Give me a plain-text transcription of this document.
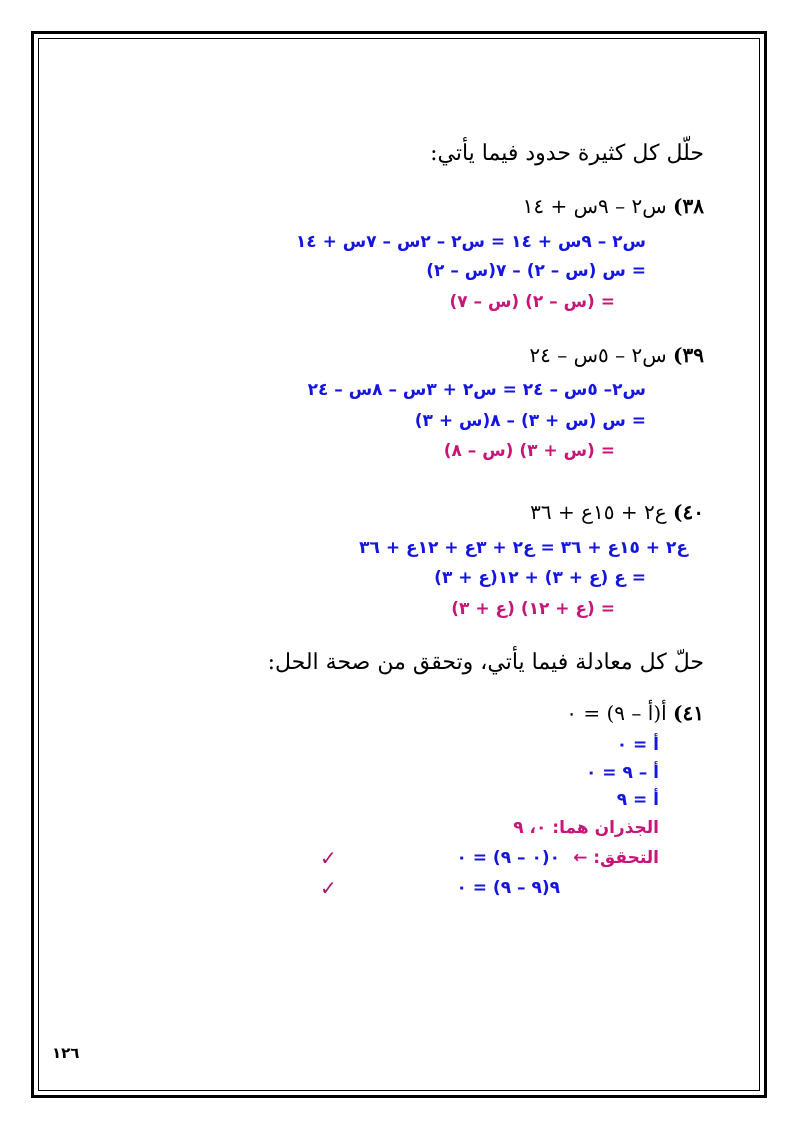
حلّل كل كثيرة حدود فيما يأتي:
٣٨) س٢ – ٩س + ١٤
س٢ – ٩س + ١٤ = س٢ – ٢س – ٧س + ١٤
= س (س – ٢) – ٧(س – ٢)
= (س – ٢) (س – ٧)
٣٩) س٢ – ٥س – ٢٤
س٢– ٥س – ٢٤ = س٢ + ٣س – ٨س – ٢٤
= س (س + ٣) – ٨(س + ٣)
= (س + ٣) (س – ٨)
٤٠) ع٢ + ١٥ع + ٣٦
ع٢ + ١٥ع + ٣٦ = ع٢ + ٣ع + ١٢ع + ٣٦
= ع (ع + ٣) + ١٢(ع + ٣)
= (ع + ١٢) (ع + ٣)
حلّ كل معادلة فيما يأتي، وتحقق من صحة الحل:
٤١) أ(أ – ٩) = ٠
أ = ٠
أ – ٩ = ٠
أ = ٩
الجذران هما: ٠، ٩
التحقق: ←
٠(٠ – ٩) = ٠
٩(٩ – ٩) = ٠
✓
✓
١٢٦
